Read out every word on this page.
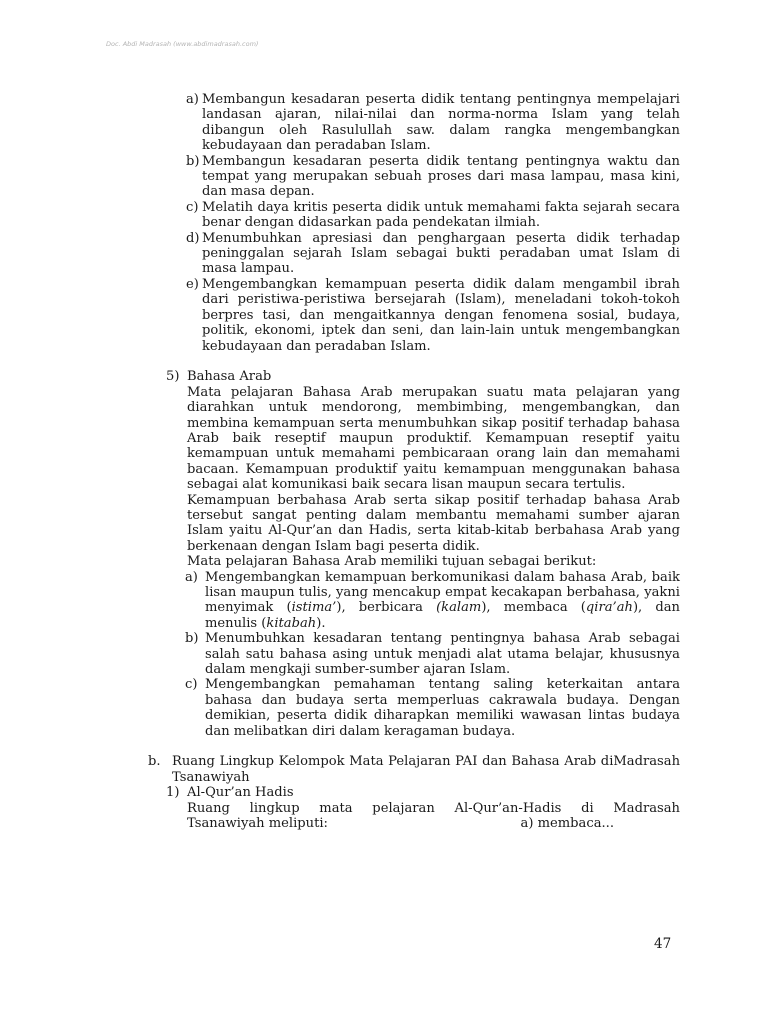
Doc. Abdi Madrasah (www.abdimadrasah.com)
a) Membangun kesadaran peserta didik tentang pentingnya mempelajari landasan ajaran, nilai-nilai dan norma-norma Islam yang telah dibangun oleh Rasulullah saw. dalam rangka mengembangkan kebudayaan dan peradaban Islam.
b) Membangun kesadaran peserta didik tentang pentingnya waktu dan tempat yang merupakan sebuah proses dari masa lampau, masa kini, dan masa depan.
c) Melatih daya kritis peserta didik untuk memahami fakta sejarah secara benar dengan didasarkan pada pendekatan ilmiah.
d) Menumbuhkan apresiasi dan penghargaan peserta didik terhadap peninggalan sejarah Islam sebagai bukti peradaban umat Islam di masa lampau.
e) Mengembangkan kemampuan peserta didik dalam mengambil ibrah dari peristiwa-peristiwa bersejarah (Islam), meneladani tokoh-tokoh berpres tasi, dan mengaitkannya dengan fenomena sosial, budaya, politik, ekonomi, iptek dan seni, dan lain-lain untuk mengembangkan kebudayaan dan peradaban Islam.
5) Bahasa Arab
Mata pelajaran Bahasa Arab merupakan suatu mata pelajaran yang diarahkan untuk mendorong, membimbing, mengembangkan, dan membina kemampuan serta menumbuhkan sikap positif terhadap bahasa Arab baik reseptif maupun produktif. Kemampuan reseptif yaitu kemampuan untuk memahami pembicaraan orang lain dan memahami bacaan. Kemampuan produktif yaitu kemampuan menggunakan bahasa sebagai alat komunikasi baik secara lisan maupun secara tertulis.
Kemampuan berbahasa Arab serta sikap positif terhadap bahasa Arab tersebut sangat penting dalam membantu memahami sumber ajaran Islam yaitu Al-Qur’an dan Hadis, serta kitab-kitab berbahasa Arab yang berkenaan dengan Islam bagi peserta didik.
Mata pelajaran Bahasa Arab memiliki tujuan sebagai berikut:
a) Mengembangkan kemampuan berkomunikasi dalam bahasa Arab, baik lisan maupun tulis, yang mencakup empat kecakapan berbahasa, yakni menyimak (istima’), berbicara (kalam), membaca (qira’ah), dan menulis (kitabah).
b) Menumbuhkan kesadaran tentang pentingnya bahasa Arab sebagai salah satu bahasa asing untuk menjadi alat utama belajar, khususnya dalam mengkaji sumber-sumber ajaran Islam.
c) Mengembangkan pemahaman tentang saling keterkaitan antara bahasa dan budaya serta memperluas cakrawala budaya. Dengan demikian, peserta didik diharapkan memiliki wawasan lintas budaya dan melibatkan diri dalam keragaman budaya.
b. Ruang Lingkup Kelompok Mata Pelajaran PAI dan Bahasa Arab diMadrasah Tsanawiyah
1) Al-Qur’an Hadis
Ruang lingkup mata pelajaran Al-Qur’an-Hadis di Madrasah
Tsanawiyah meliputi:	a) membaca...
47
